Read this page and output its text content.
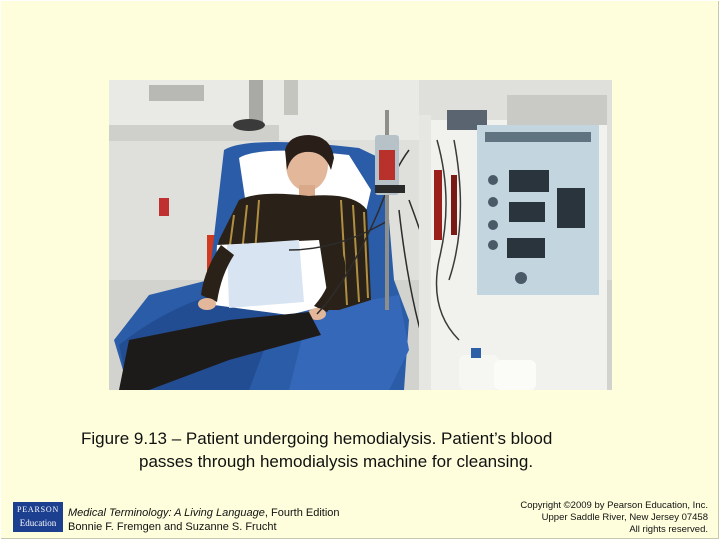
Figure 9.13 – Patient undergoing hemodialysis. Patient’s blood
passes through hemodialysis machine for cleansing.
PEARSON
Education
Medical Terminology: A Living Language, Fourth Edition
Bonnie F. Fremgen and Suzanne S. Frucht
Copyright ©2009 by Pearson Education, Inc.
Upper Saddle River, New Jersey 07458
All rights reserved.
